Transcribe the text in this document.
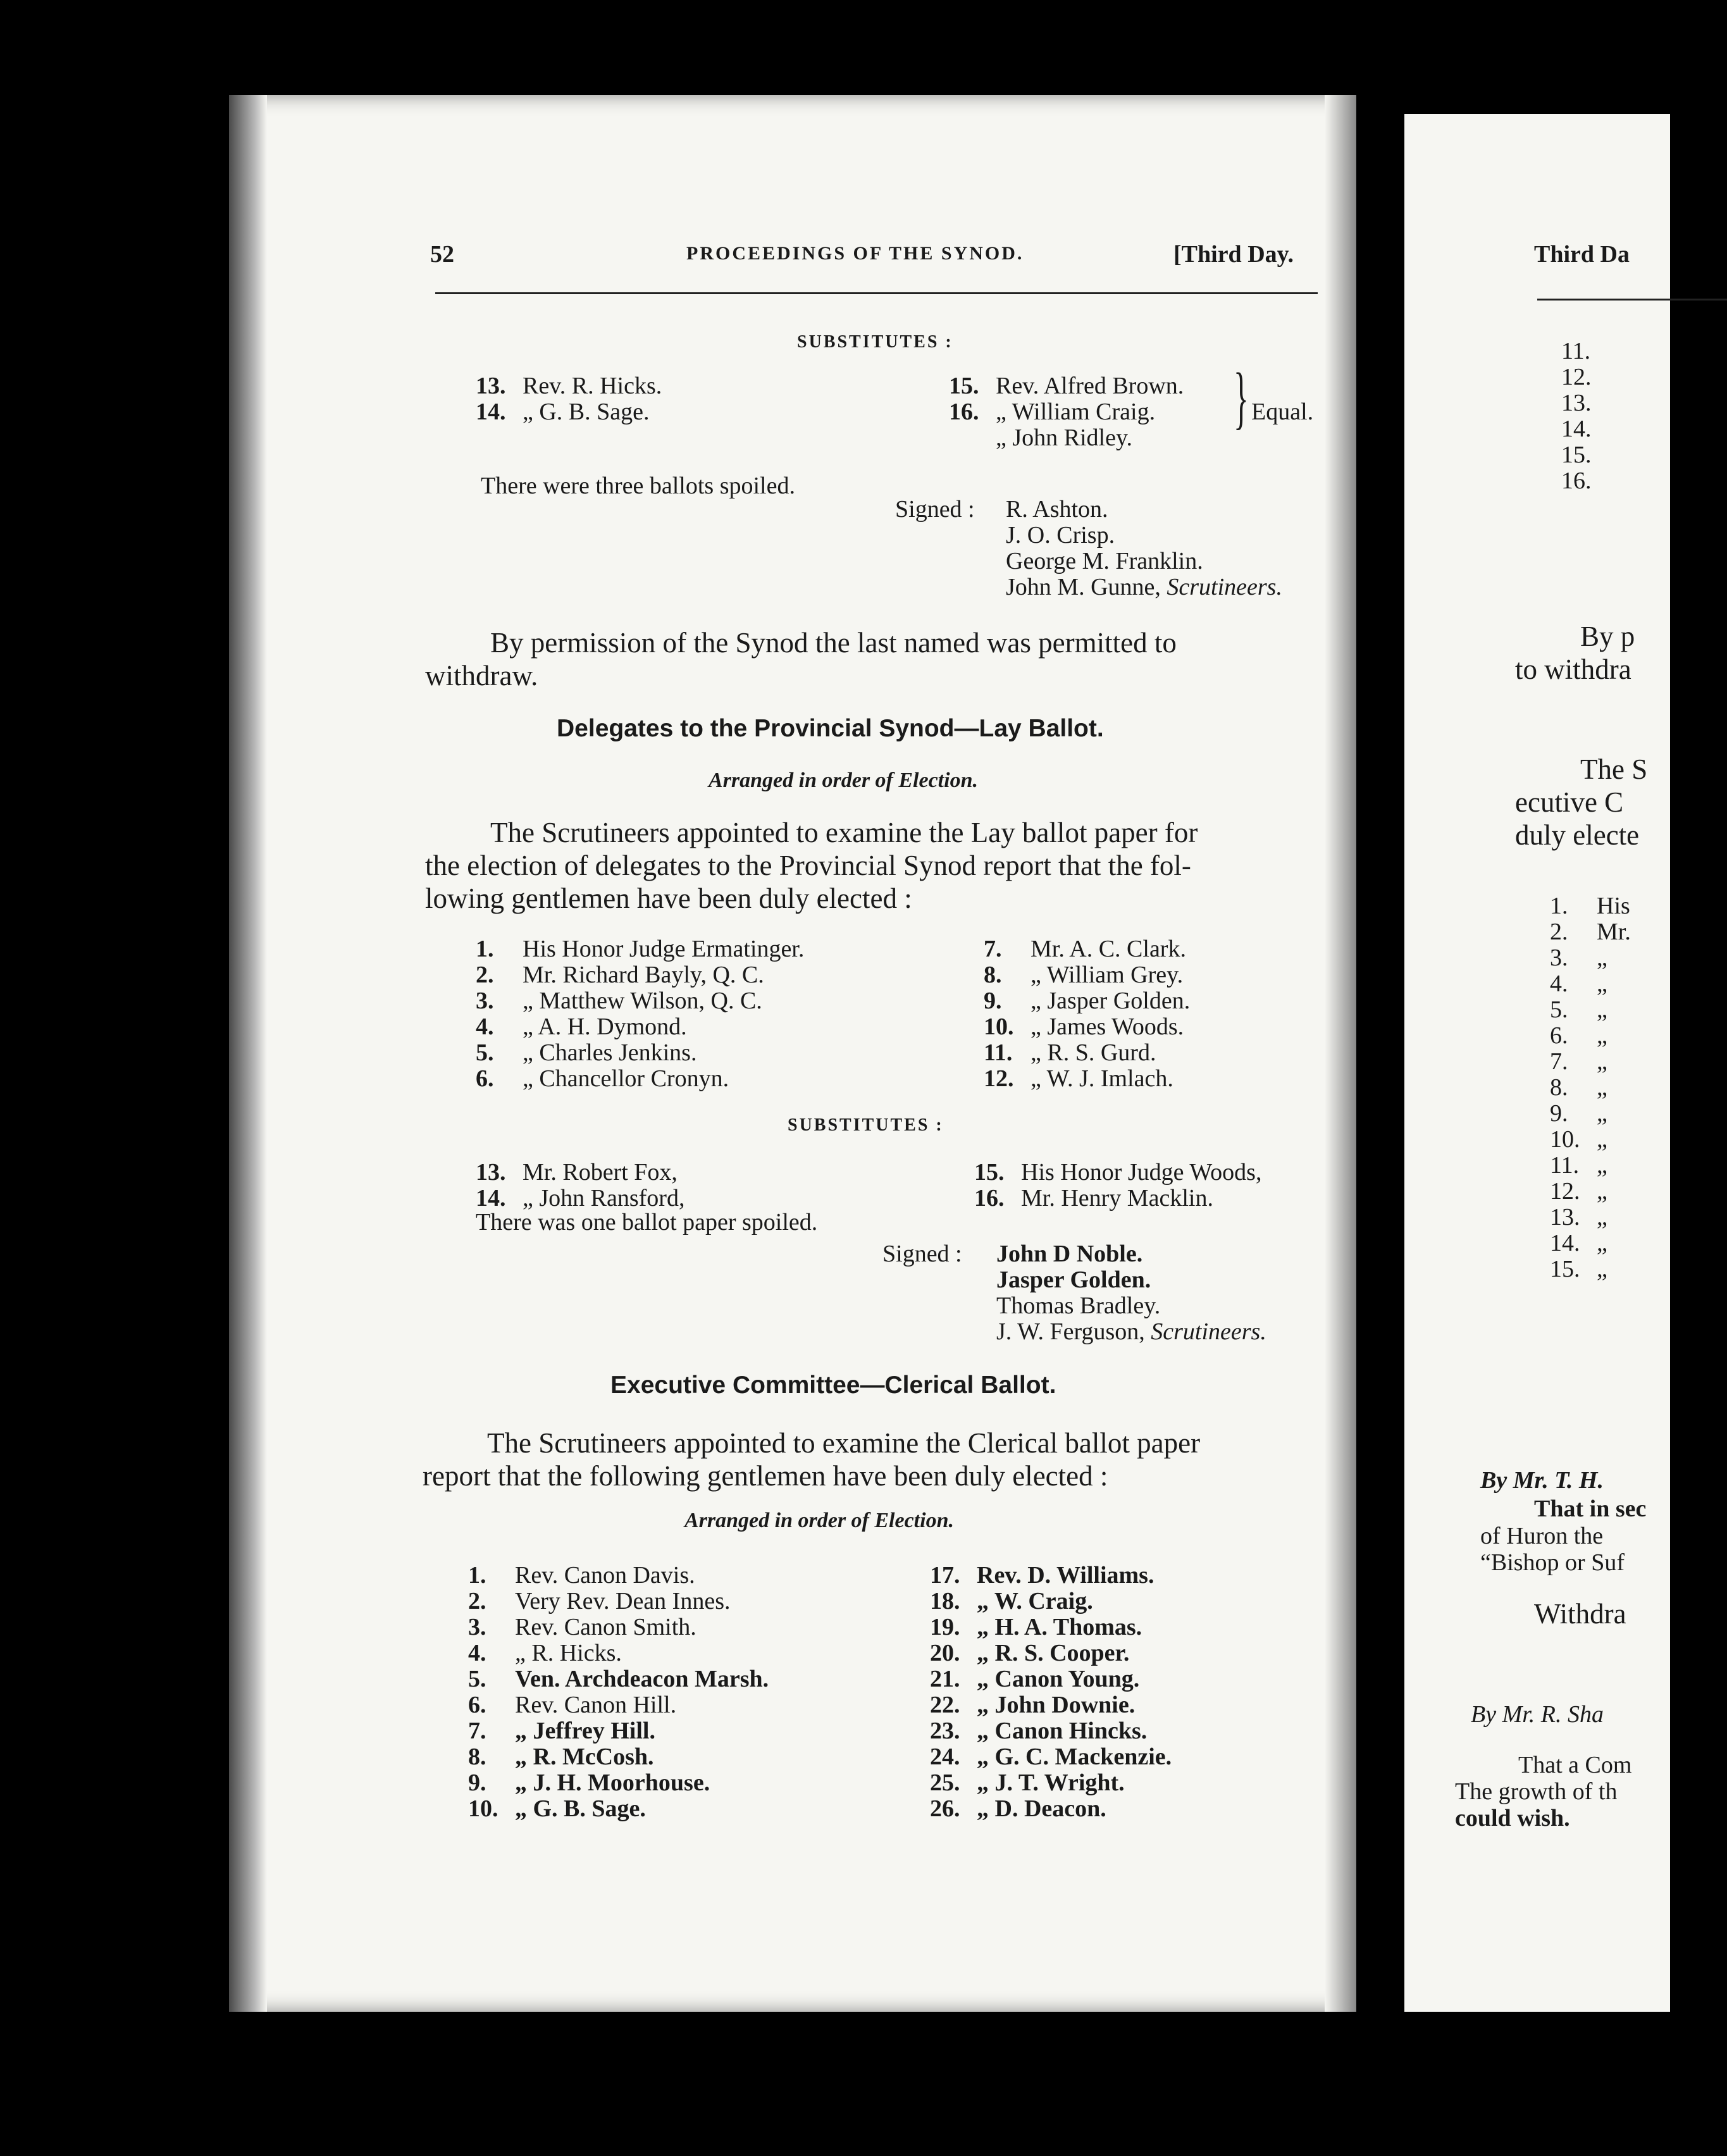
52	PROCEEDINGS OF THE SYNOD.	[Third Day.
SUBSTITUTES :
13. Rev. R. Hicks.
14. „ G. B. Sage.
15. Rev. Alfred Brown.
16. „ William Craig.
„ John Ridley.
} Equal.
There were three ballots spoiled.
Signed : R. Ashton.
J. O. Crisp.
George M. Franklin.
John M. Gunne, Scrutineers.
By permission of the Synod the last named was permitted to
withdraw.
Delegates to the Provincial Synod—Lay Ballot.
Arranged in order of Election.
The Scrutineers appointed to examine the Lay ballot paper for
the election of delegates to the Provincial Synod report that the fol-
lowing gentlemen have been duly elected :
1. His Honor Judge Ermatinger.
2. Mr. Richard Bayly, Q. C.
3. „ Matthew Wilson, Q. C.
4. „ A. H. Dymond.
5. „ Charles Jenkins.
6. „ Chancellor Cronyn.
7. Mr. A. C. Clark.
8. „ William Grey.
9. „ Jasper Golden.
10. „ James Woods.
11. „ R. S. Gurd.
12. „ W. J. Imlach.
SUBSTITUTES :
13. Mr. Robert Fox,
14. „ John Ransford,
15. His Honor Judge Woods,
16. Mr. Henry Macklin.
There was one ballot paper spoiled.
Signed : John D Noble.
Jasper Golden.
Thomas Bradley.
J. W. Ferguson, Scrutineers.
Executive Committee—Clerical Ballot.
The Scrutineers appointed to examine the Clerical ballot paper
report that the following gentlemen have been duly elected :
Arranged in order of Election.
1. Rev. Canon Davis.
2. Very Rev. Dean Innes.
3. Rev. Canon Smith.
4. „ R. Hicks.
5. Ven. Archdeacon Marsh.
6. Rev. Canon Hill.
7. „ Jeffrey Hill.
8. „ R. McCosh.
9. „ J. H. Moorhouse.
10. „ G. B. Sage.
17. Rev. D. Williams.
18. „ W. Craig.
19. „ H. A. Thomas.
20. „ R. S. Cooper.
21. „ Canon Young.
22. „ John Downie.
23. „ Canon Hincks.
24. „ G. C. Mackenzie.
25. „ J. T. Wright.
26. „ D. Deacon.
Third Da
11.
12.
13.
14.
15.
16.
By p
to withdra
The S
ecutive C
duly electe
1. His
2. Mr.
3. „
4. „
5. „
6. „
7. „
8. „
9. „
10. „
11. „
12. „
13. „
14. „
15. „
By Mr. T. H.
That in sec
of Huron the
“Bishop or Suf
Withdra
By Mr. R. Sha
That a Com
The growth of th
could wish.
